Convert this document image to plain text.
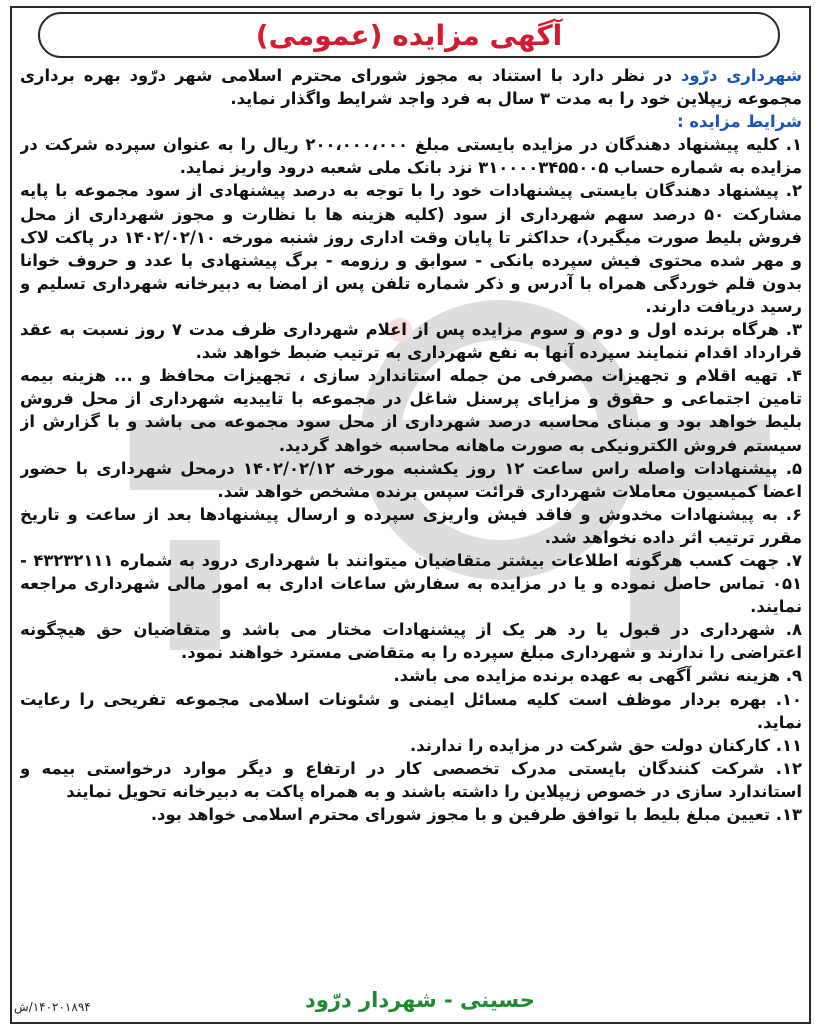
آگهی مزایده (عمومی)

شهرداری درّود در نظر دارد با استناد به مجوز شورای محترم اسلامی شهر درّود بهره برداری مجموعه زیپلاین خود را به مدت ۳ سال به فرد واجد شرایط واگذار نماید.

شرایط مزایده :

۱. کلیه پیشنهاد دهندگان در مزایده بایستی مبلغ ۲۰۰،۰۰۰،۰۰۰ ریال را به عنوان سپرده شرکت در مزایده به شماره حساب ۳۱۰۰۰۰۳۴۵۵۰۰۵ نزد بانک ملی شعبه درود واریز نماید.

۲. پیشنهاد دهندگان بایستی پیشنهادات خود را با توجه به درصد پیشنهادی از سود مجموعه با پایه مشارکت ۵۰ درصد سهم شهرداری از سود (کلیه هزینه ها با نظارت و مجوز شهرداری از محل فروش بلیط صورت میگیرد)، حداکثر تا پایان وقت اداری روز شنبه مورخه ۱۴۰۲/۰۲/۱۰ در پاکت لاک و مهر شده محتوی فیش سپرده بانکی - سوابق و رزومه - برگ پیشنهادی با عدد و حروف خوانا بدون قلم خوردگی همراه با آدرس و ذکر شماره تلفن پس از امضا به دبیرخانه شهرداری تسلیم و رسید دریافت دارند.

۳. هرگاه برنده اول و دوم و سوم مزایده پس از اعلام شهرداری ظرف مدت ۷ روز نسبت به عقد قرارداد اقدام ننمایند سپرده آنها به نفع شهرداری به ترتیب ضبط خواهد شد.

۴. تهیه اقلام و تجهیزات مصرفی من جمله استاندارد سازی ، تجهیزات محافظ و ... هزینه بیمه تامین اجتماعی و حقوق و مزایای پرسنل شاغل در مجموعه با تاییدیه شهرداری از محل فروش بلیط خواهد بود و مبنای محاسبه درصد شهرداری از محل سود مجموعه می باشد و با گزارش از سیستم فروش الکترونیکی به صورت ماهانه محاسبه خواهد گردید.

۵. پیشنهادات واصله راس ساعت ۱۲ روز یکشنبه مورخه ۱۴۰۲/۰۲/۱۲ درمحل شهرداری با حضور اعضا کمیسیون معاملات شهرداری قرائت سپس برنده مشخص خواهد شد.

۶. به پیشنهادات مخدوش و فاقد فیش واریزی سپرده و ارسال پیشنهادها بعد از ساعت و تاریخ مقرر ترتیب اثر داده نخواهد شد.

۷. جهت کسب هرگونه اطلاعات بیشتر متقاضیان میتوانند با شهرداری درود به شماره ۴۳۲۳۲۱۱۱ - ۰۵۱ تماس حاصل نموده و یا در مزایده به سفارش ساعات اداری به امور مالی شهرداری مراجعه نمایند.

۸. شهرداری در قبول یا رد هر یک از پیشنهادات مختار می باشد و متقاضیان حق هیچگونه اعتراضی را ندارند و شهرداری مبلغ سپرده را به متقاضی مسترد خواهند نمود.

۹. هزینه نشر آگهی به عهده برنده مزایده می باشد.

۱۰. بهره بردار موظف است کلیه مسائل ایمنی و شئونات اسلامی مجموعه تفریحی را رعایت نماید.

۱۱. کارکنان دولت حق شرکت در مزایده را ندارند.

۱۲. شرکت کنندگان بایستی مدرک تخصصی کار در ارتفاع و دیگر موارد درخواستی بیمه و استاندارد سازی در خصوص زیپلاین را داشته باشند و به همراه پاکت به دبیرخانه تحویل نمایند

۱۳. تعیین مبلغ بلیط با توافق طرفین و با مجوز شورای محترم اسلامی خواهد بود.

حسینی - شهردار درّود
۱۴۰۲۰۱۸۹۴/ش
